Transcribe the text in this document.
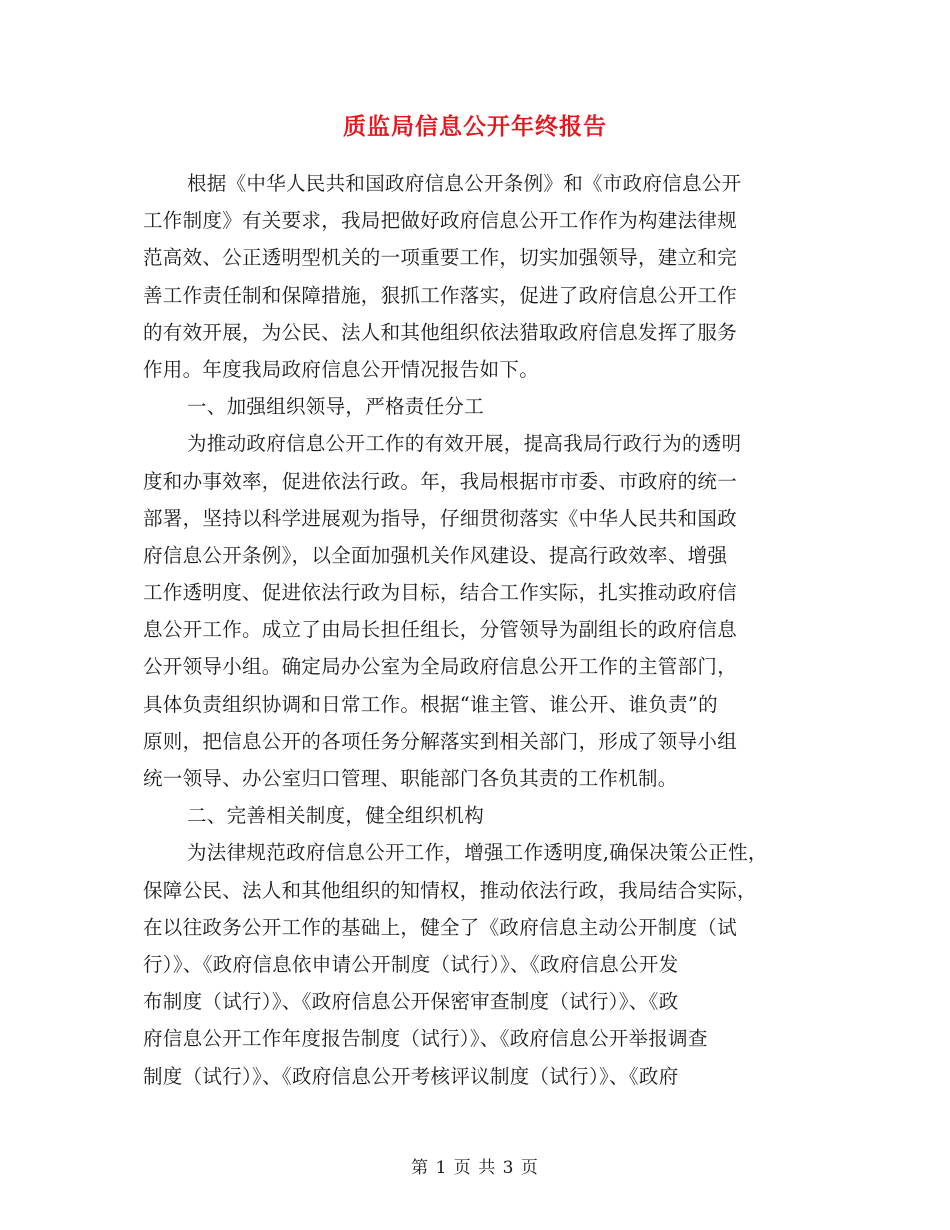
质监局信息公开年终报告
根据《中华人民共和国政府信息公开条例》和《市政府信息公开
工作制度》有关要求，我局把做好政府信息公开工作作为构建法律规
范高效、公正透明型机关的一项重要工作，切实加强领导，建立和完
善工作责任制和保障措施，狠抓工作落实，促进了政府信息公开工作
的有效开展，为公民、法人和其他组织依法猎取政府信息发挥了服务
作用。年度我局政府信息公开情况报告如下。
一、加强组织领导，严格责任分工
为推动政府信息公开工作的有效开展，提高我局行政行为的透明
度和办事效率，促进依法行政。年，我局根据市市委、市政府的统一
部署，坚持以科学进展观为指导，仔细贯彻落实《中华人民共和国政
府信息公开条例》，以全面加强机关作风建设、提高行政效率、增强
工作透明度、促进依法行政为目标，结合工作实际，扎实推动政府信
息公开工作。成立了由局长担任组长，分管领导为副组长的政府信息
公开领导小组。确定局办公室为全局政府信息公开工作的主管部门，
具体负责组织协调和日常工作。根据“谁主管、谁公开、谁负责”的
原则，把信息公开的各项任务分解落实到相关部门，形成了领导小组
统一领导、办公室归口管理、职能部门各负其责的工作机制。
二、完善相关制度，健全组织机构
为法律规范政府信息公开工作，增强工作透明度,确保决策公正性，
保障公民、法人和其他组织的知情权，推动依法行政，我局结合实际，
在以往政务公开工作的基础上，健全了《政府信息主动公开制度（试
行）》、《政府信息依申请公开制度（试行）》、《政府信息公开发
布制度（试行）》、《政府信息公开保密审查制度（试行）》、《政
府信息公开工作年度报告制度（试行）》、《政府信息公开举报调查
制度（试行）》、《政府信息公开考核评议制度（试行）》、《政府
第 1 页 共 3 页
